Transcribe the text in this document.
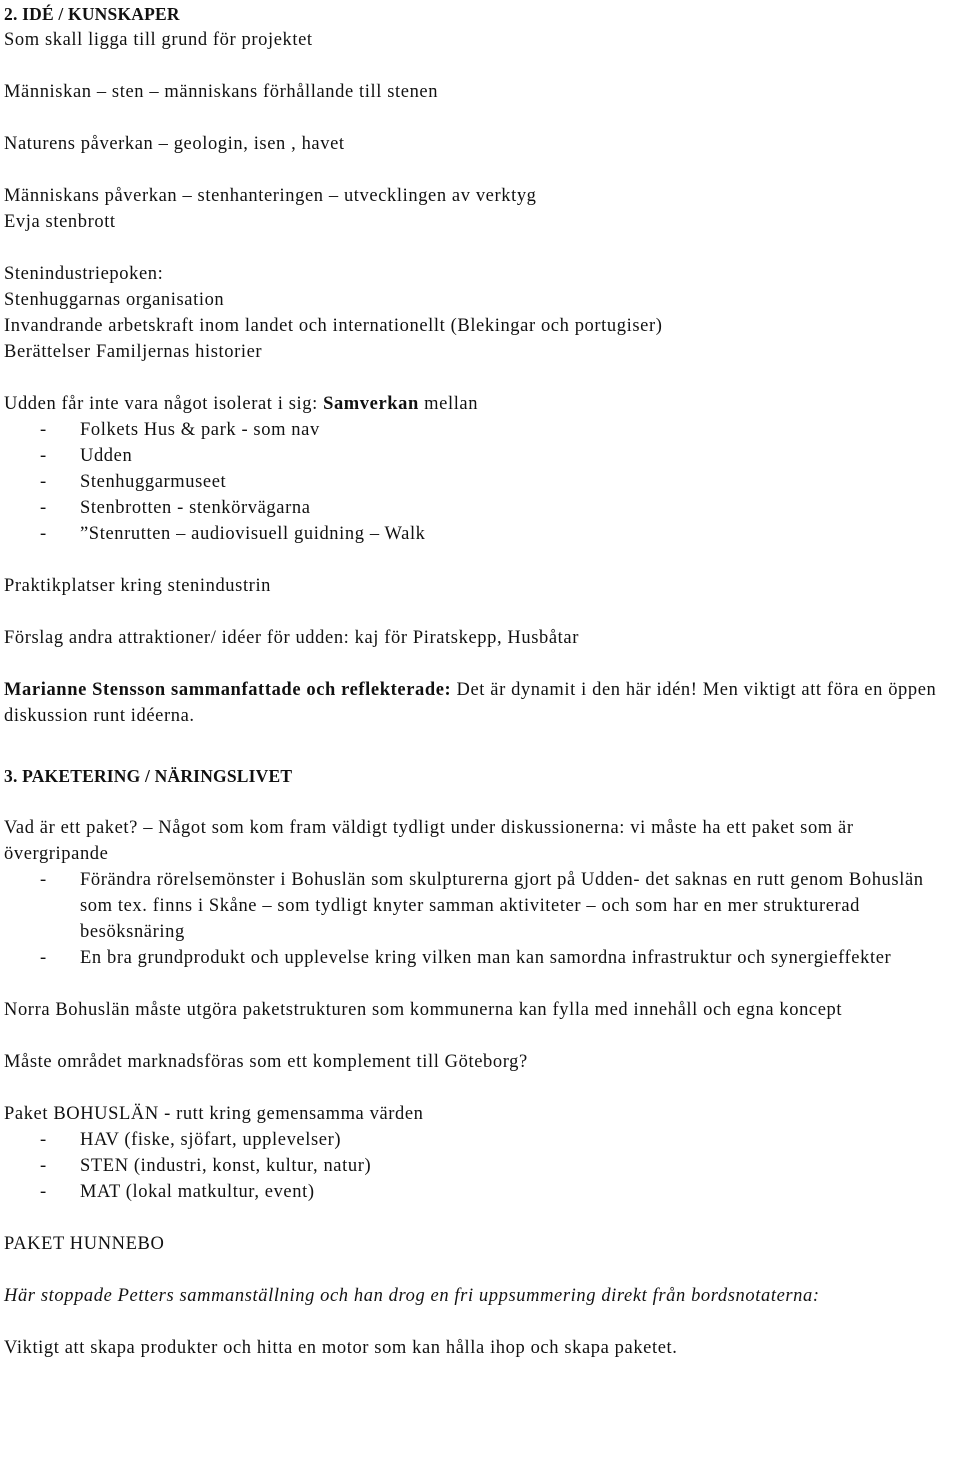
2. IDÉ / KUNSKAPER
Som skall ligga till grund för projektet
Människan – sten – människans förhållande till stenen
Naturens påverkan – geologin, isen , havet
Människans påverkan – stenhanteringen – utvecklingen av verktyg
Evja stenbrott
Stenindustriepoken:
Stenhuggarnas organisation
Invandrande arbetskraft inom landet och internationellt (Blekingar och portugiser)
Berättelser Familjernas historier
Udden får inte vara något isolerat i sig: Samverkan mellan
- Folkets Hus & park - som nav
- Udden
- Stenhuggarmuseet
- Stenbrotten - stenkörvägarna
- ”Stenrutten – audiovisuell guidning – Walk
Praktikplatser kring stenindustrin
Förslag andra attraktioner/ idéer för udden: kaj för Piratskepp, Husbåtar
Marianne Stensson sammanfattade och reflekterade: Det är dynamit i den här idén! Men viktigt att föra en öppen diskussion runt idéerna.
3. PAKETERING / NÄRINGSLIVET
Vad är ett paket? – Något som kom fram väldigt tydligt under diskussionerna: vi måste ha ett paket som är övergripande
- Förändra rörelsemönster i Bohuslän som skulpturerna gjort på Udden- det saknas en rutt genom Bohuslän som tex. finns i Skåne – som tydligt knyter samman aktiviteter – och som har en mer strukturerad besöksnäring
- En bra grundprodukt och upplevelse kring vilken man kan samordna infrastruktur och synergieffekter
Norra Bohuslän måste utgöra paketstrukturen som kommunerna kan fylla med innehåll och egna koncept
Måste området marknadsföras som ett komplement till Göteborg?
Paket BOHUSLÄN - rutt kring gemensamma värden
- HAV (fiske, sjöfart, upplevelser)
- STEN (industri, konst, kultur, natur)
- MAT (lokal matkultur, event)
PAKET HUNNEBO
Här stoppade Petters sammanställning och han drog en fri uppsummering direkt från bordsnotaterna:
Viktigt att skapa produkter och hitta en motor som kan hålla ihop och skapa paketet.
